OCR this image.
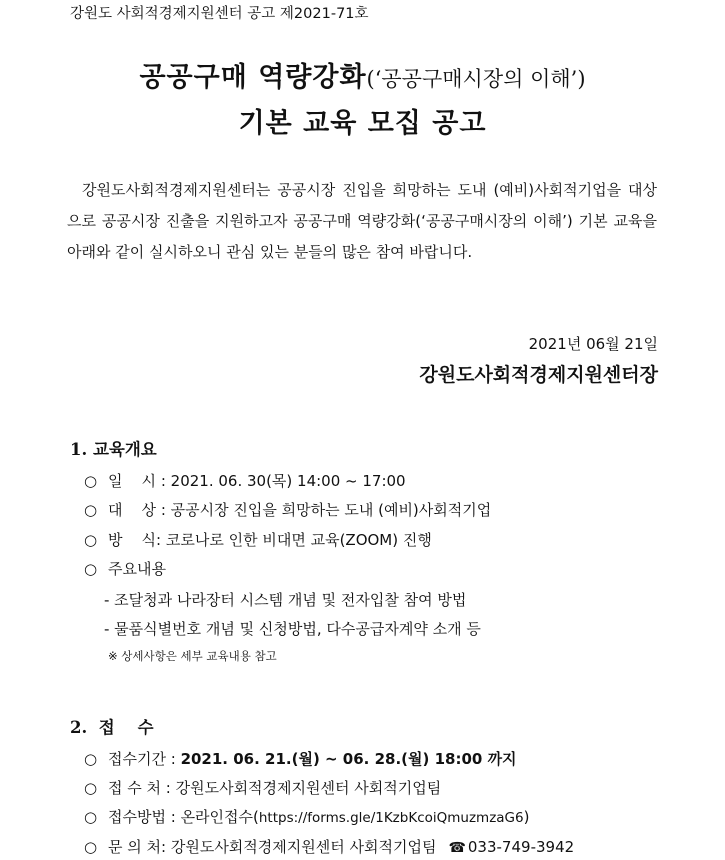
강원도 사회적경제지원센터 공고 제2021-71호
공공구매 역량강화(‘공공구매시장의 이해’)
기본 교육 모집 공고
강원도사회적경제지원센터는 공공시장 진입을 희망하는 도내 (예비)사회적기업을 대상으로 공공시장 진출을 지원하고자 공공구매 역량강화(‘공공구매시장의 이해’) 기본 교육을 아래와 같이 실시하오니 관심 있는 분들의 많은 참여 바랍니다.
2021년 06월 21일
강원도사회적경제지원센터장
1. 교육개요
○ 일    시 : 2021. 06. 30(목) 14:00 ~ 17:00
○ 대    상 : 공공시장 진입을 희망하는 도내 (예비)사회적기업
○ 방    식: 코로나로 인한 비대면 교육(ZOOM) 진행
○ 주요내용
- 조달청과 나라장터 시스템 개념 및 전자입찰 참여 방법
- 물품식별번호 개념 및 신청방법, 다수공급자계약 소개 등
※ 상세사항은 세부 교육내용 참고
2.  접    수
○ 접수기간 : 2021. 06. 21.(월) ~ 06. 28.(월) 18:00 까지
○ 접 수 처 : 강원도사회적경제지원센터 사회적기업팀
○ 접수방법 : 온라인접수(https://forms.gle/1KzbKcoiQmuzmzaG6)
○ 문 의 처: 강원도사회적경제지원센터 사회적기업팀 ☎ 033-749-3942
